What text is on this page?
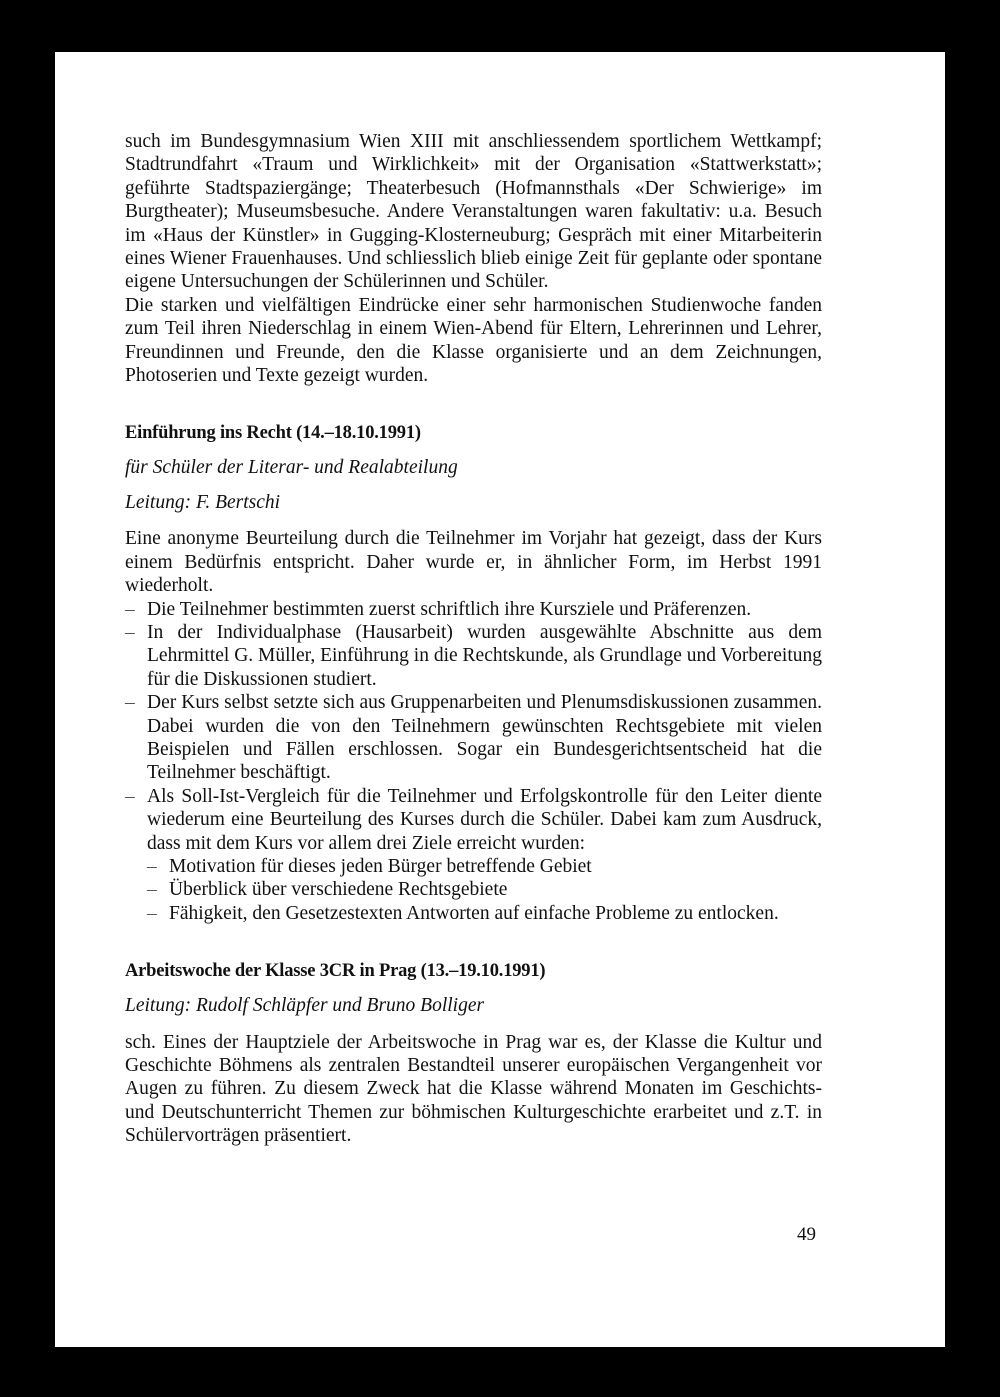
such im Bundesgymnasium Wien XIII mit anschliessendem sportlichem Wettkampf; Stadtrundfahrt «Traum und Wirklichkeit» mit der Organisation «Stattwerkstatt»; geführte Stadtspaziergänge; Theaterbesuch (Hofmannsthals «Der Schwierige» im Burgtheater); Museumsbesuche. Andere Veranstaltungen waren fakultativ: u.a. Besuch im «Haus der Künstler» in Gugging-Klosterneuburg; Gespräch mit einer Mitarbeiterin eines Wiener Frauenhauses. Und schliesslich blieb einige Zeit für geplante oder spontane eigene Untersuchungen der Schülerinnen und Schüler.

Die starken und vielfältigen Eindrücke einer sehr harmonischen Studienwoche fanden zum Teil ihren Niederschlag in einem Wien-Abend für Eltern, Lehrerinnen und Lehrer, Freundinnen und Freunde, den die Klasse organisierte und an dem Zeichnungen, Photoserien und Texte gezeigt wurden.

Einführung ins Recht (14.–18.10.1991)

für Schüler der Literar- und Realabteilung

Leitung: F. Bertschi

Eine anonyme Beurteilung durch die Teilnehmer im Vorjahr hat gezeigt, dass der Kurs einem Bedürfnis entspricht. Daher wurde er, in ähnlicher Form, im Herbst 1991 wiederholt.

– Die Teilnehmer bestimmten zuerst schriftlich ihre Kursziele und Präferenzen.
– In der Individualphase (Hausarbeit) wurden ausgewählte Abschnitte aus dem Lehrmittel G. Müller, Einführung in die Rechtskunde, als Grundlage und Vorbereitung für die Diskussionen studiert.
– Der Kurs selbst setzte sich aus Gruppenarbeiten und Plenumsdiskussionen zusammen. Dabei wurden die von den Teilnehmern gewünschten Rechtsgebiete mit vielen Beispielen und Fällen erschlossen. Sogar ein Bundesgerichtsentscheid hat die Teilnehmer beschäftigt.
– Als Soll-Ist-Vergleich für die Teilnehmer und Erfolgskontrolle für den Leiter diente wiederum eine Beurteilung des Kurses durch die Schüler. Dabei kam zum Ausdruck, dass mit dem Kurs vor allem drei Ziele erreicht wurden:
– Motivation für dieses jeden Bürger betreffende Gebiet
– Überblick über verschiedene Rechtsgebiete
– Fähigkeit, den Gesetzestexten Antworten auf einfache Probleme zu entlocken.

Arbeitswoche der Klasse 3CR in Prag (13.–19.10.1991)

Leitung: Rudolf Schläpfer und Bruno Bolliger

sch. Eines der Hauptziele der Arbeitswoche in Prag war es, der Klasse die Kultur und Geschichte Böhmens als zentralen Bestandteil unserer europäischen Vergangenheit vor Augen zu führen. Zu diesem Zweck hat die Klasse während Monaten im Geschichts- und Deutschunterricht Themen zur böhmischen Kulturgeschichte erarbeitet und z.T. in Schülervorträgen präsentiert.

49
